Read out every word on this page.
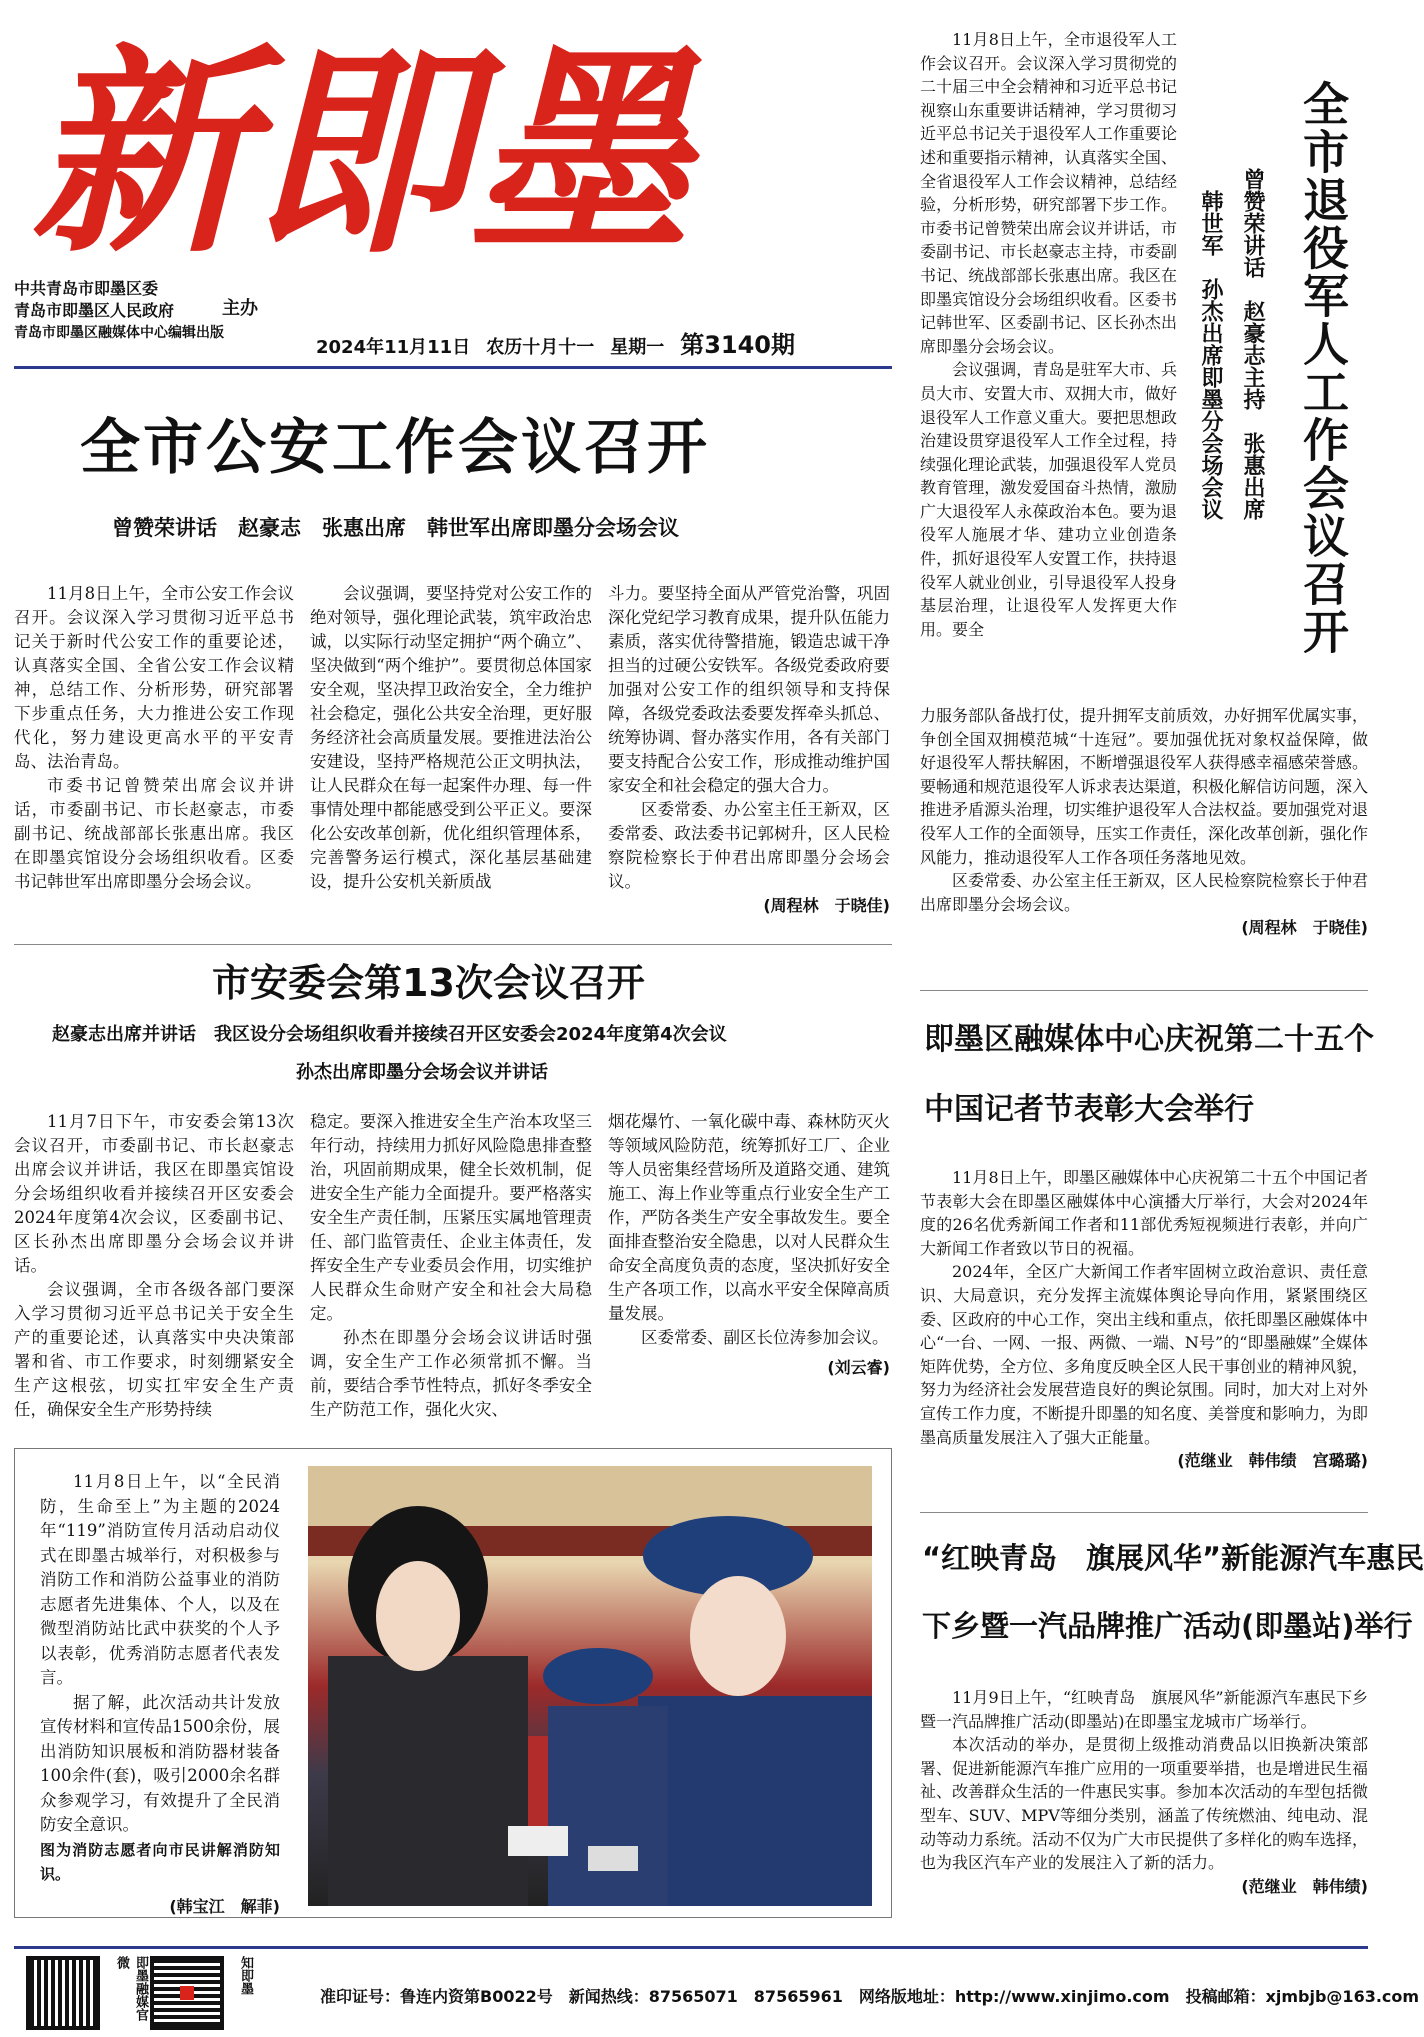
新即墨
中共青岛市即墨区委
青岛市即墨区人民政府
青岛市即墨区融媒体中心编辑出版
主办
2024年11月11日 农历十月十一 星期一 第3140期

11月8日上午，全市退役军人工作会议召开。会议深入学习贯彻党的二十届三中全会精神和习近平总书记视察山东重要讲话精神，学习贯彻习近平总书记关于退役军人工作重要论述和重要指示精神，认真落实全国、全省退役军人工作会议精神，总结经验，分析形势，研究部署下步工作。市委书记曾赞荣出席会议并讲话，市委副书记、市长赵豪志主持，市委副书记、统战部部长张惠出席。我区在即墨宾馆设分会场组织收看。区委书记韩世军、区委副书记、区长孙杰出席即墨分会场会议。

会议强调，青岛是驻军大市、兵员大市、安置大市、双拥大市，做好退役军人工作意义重大。要把思想政治建设贯穿退役军人工作全过程，持续强化理论武装，加强退役军人党员教育管理，激发爱国奋斗热情，激励广大退役军人永葆政治本色。要为退役军人施展才华、建功立业创造条件，抓好退役军人安置工作，扶持退役军人就业创业，引导退役军人投身基层治理，让退役军人发挥更大作用。要全	全市退役军人工作会议召开
曾赞荣讲话　赵豪志主持　张惠出席
韩世军　孙杰出席即墨分会场会议

力服务部队备战打仗，提升拥军支前质效，办好拥军优属实事，争创全国双拥模范城“十连冠”。要加强优抚对象权益保障，做好退役军人帮扶解困，不断增强退役军人获得感幸福感荣誉感。要畅通和规范退役军人诉求表达渠道，积极化解信访问题，深入推进矛盾源头治理，切实维护退役军人合法权益。要加强党对退役军人工作的全面领导，压实工作责任，深化改革创新，强化作风能力，推动退役军人工作各项任务落地见效。

区委常委、办公室主任王新双，区人民检察院检察长于仲君出席即墨分会场会议。

(周程林　于晓佳)
全市公安工作会议召开
曾赞荣讲话　赵豪志　张惠出席　韩世军出席即墨分会场会议

11月8日上午，全市公安工作会议召开。会议深入学习贯彻习近平总书记关于新时代公安工作的重要论述，认真落实全国、全省公安工作会议精神，总结工作、分析形势，研究部署下步重点任务，大力推进公安工作现代化，努力建设更高水平的平安青岛、法治青岛。

市委书记曾赞荣出席会议并讲话，市委副书记、市长赵豪志，市委副书记、统战部部长张惠出席。我区在即墨宾馆设分会场组织收看。区委书记韩世军出席即墨分会场会议。

会议强调，要坚持党对公安工作的绝对领导，强化理论武装，筑牢政治忠诚，以实际行动坚定拥护“两个确立”、坚决做到“两个维护”。要贯彻总体国家安全观，坚决捍卫政治安全，全力维护社会稳定，强化公共安全治理，更好服务经济社会高质量发展。要推进法治公安建设，坚持严格规范公正文明执法，让人民群众在每一起案件办理、每一件事情处理中都能感受到公平正义。要深化公安改革创新，优化组织管理体系，完善警务运行模式，深化基层基础建设，提升公安机关新质战

斗力。要坚持全面从严管党治警，巩固深化党纪学习教育成果，提升队伍能力素质，落实优待警措施，锻造忠诚干净担当的过硬公安铁军。各级党委政府要加强对公安工作的组织领导和支持保障，各级党委政法委要发挥牵头抓总、统筹协调、督办落实作用，各有关部门要支持配合公安工作，形成推动维护国家安全和社会稳定的强大合力。

区委常委、办公室主任王新双，区委常委、政法委书记郭树升，区人民检察院检察长于仲君出席即墨分会场会议。

(周程林　于晓佳)
市安委会第13次会议召开
赵豪志出席并讲话　我区设分会场组织收看并接续召开区安委会2024年度第4次会议
孙杰出席即墨分会场会议并讲话

11月7日下午，市安委会第13次会议召开，市委副书记、市长赵豪志出席会议并讲话，我区在即墨宾馆设分会场组织收看并接续召开区安委会2024年度第4次会议，区委副书记、区长孙杰出席即墨分会场会议并讲话。

会议强调，全市各级各部门要深入学习贯彻习近平总书记关于安全生产的重要论述，认真落实中央决策部署和省、市工作要求，时刻绷紧安全生产这根弦，切实扛牢安全生产责任，确保安全生产形势持续

稳定。要深入推进安全生产治本攻坚三年行动，持续用力抓好风险隐患排查整治，巩固前期成果，健全长效机制，促进安全生产能力全面提升。要严格落实安全生产责任制，压紧压实属地管理责任、部门监管责任、企业主体责任，发挥安全生产专业委员会作用，切实维护人民群众生命财产安全和社会大局稳定。

孙杰在即墨分会场会议讲话时强调，安全生产工作必须常抓不懈。当前，要结合季节性特点，抓好冬季安全生产防范工作，强化火灾、

烟花爆竹、一氧化碳中毒、森林防灭火等领域风险防范，统筹抓好工厂、企业等人员密集经营场所及道路交通、建筑施工、海上作业等重点行业安全生产工作，严防各类生产安全事故发生。要全面排查整治安全隐患，以对人民群众生命安全高度负责的态度，坚决抓好安全生产各项工作，以高水平安全保障高质量发展。

区委常委、副区长位涛参加会议。

(刘云睿)

11月8日上午，以“全民消防，生命至上”为主题的2024年“119”消防宣传月活动启动仪式在即墨古城举行，对积极参与消防工作和消防公益事业的消防志愿者先进集体、个人，以及在微型消防站比武中获奖的个人予以表彰，优秀消防志愿者代表发言。

据了解，此次活动共计发放宣传材料和宣传品1500余份，展出消防知识展板和消防器材装备100余件(套)，吸引2000余名群众参观学习，有效提升了全民消防安全意识。

图为消防志愿者向市民讲解消防知识。

(韩宝江　解菲)
即墨区融媒体中心庆祝第二十五个
中国记者节表彰大会举行

11月8日上午，即墨区融媒体中心庆祝第二十五个中国记者节表彰大会在即墨区融媒体中心演播大厅举行，大会对2024年度的26名优秀新闻工作者和11部优秀短视频进行表彰，并向广大新闻工作者致以节日的祝福。

2024年，全区广大新闻工作者牢固树立政治意识、责任意识、大局意识，充分发挥主流媒体舆论导向作用，紧紧围绕区委、区政府的中心工作，突出主线和重点，依托即墨区融媒体中心“一台、一网、一报、两微、一端、N号”的“即墨融媒”全媒体矩阵优势，全方位、多角度反映全区人民干事创业的精神风貌，努力为经济社会发展营造良好的舆论氛围。同时，加大对上对外宣传工作力度，不断提升即墨的知名度、美誉度和影响力，为即墨高质量发展注入了强大正能量。

(范继业　韩伟绩　宫璐璐)
“红映青岛　旗展风华”新能源汽车惠民
下乡暨一汽品牌推广活动(即墨站)举行

11月9日上午，“红映青岛　旗展风华”新能源汽车惠民下乡暨一汽品牌推广活动(即墨站)在即墨宝龙城市广场举行。

本次活动的举办，是贯彻上级推动消费品以旧换新决策部署、促进新能源汽车推广应用的一项重要举措，也是增进民生福祉、改善群众生活的一件惠民实事。参加本次活动的车型包括微型车、SUV、MPV等细分类别，涵盖了传统燃油、纯电动、混动等动力系统。活动不仅为广大市民提供了多样化的购车选择，也为我区汽车产业的发展注入了新的活力。

(范继业　韩伟绩)
即墨融媒官微	知即墨
准印证号：鲁连内资第B0022号 新闻热线：87565071　87565961 网络版地址：http://www.xinjimo.com 投稿邮箱：xjmbjb@163.com
